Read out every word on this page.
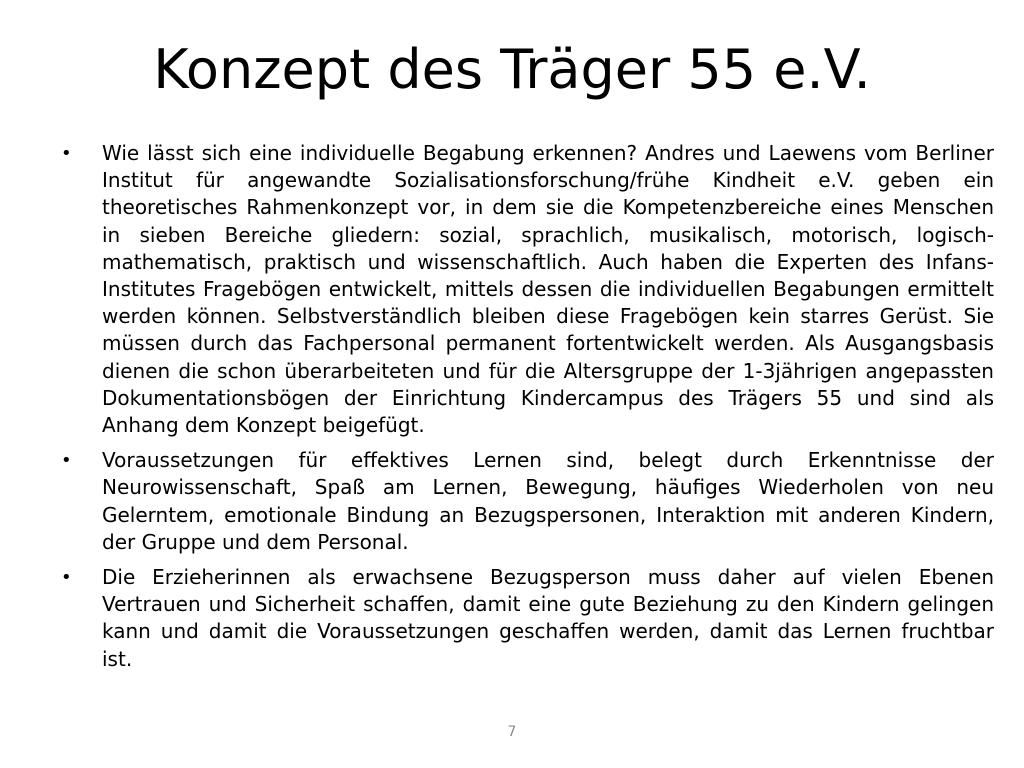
Konzept des Träger 55 e.V.
• Wie lässt sich eine individuelle Begabung erkennen? Andres und Laewens vom Berliner Institut für angewandte Sozialisationsforschung/frühe Kindheit e.V. geben ein theoretisches Rahmenkonzept vor, in dem sie die Kompetenzbereiche eines Menschen in sieben Bereiche gliedern: sozial, sprachlich, musikalisch, motorisch, logisch-mathematisch, praktisch und wissenschaftlich. Auch haben die Experten des Infans-Institutes Fragebögen entwickelt, mittels dessen die individuellen Begabungen ermittelt werden können. Selbstverständlich bleiben diese Fragebögen kein starres Gerüst. Sie müssen durch das Fachpersonal permanent fortentwickelt werden. Als Ausgangsbasis dienen die schon überarbeiteten und für die Altersgruppe der 1-3jährigen angepassten Dokumentationsbögen der Einrichtung Kindercampus des Trägers 55 und sind als Anhang dem Konzept beigefügt.
• Voraussetzungen für effektives Lernen sind, belegt durch Erkenntnisse der Neurowissenschaft, Spaß am Lernen, Bewegung, häufiges Wiederholen von neu Gelerntem, emotionale Bindung an Bezugspersonen, Interaktion mit anderen Kindern, der Gruppe und dem Personal.
• Die Erzieherinnen als erwachsene Bezugsperson muss daher auf vielen Ebenen Vertrauen und Sicherheit schaffen, damit eine gute Beziehung zu den Kindern gelingen kann und damit die Voraussetzungen geschaffen werden, damit das Lernen fruchtbar ist.
7
